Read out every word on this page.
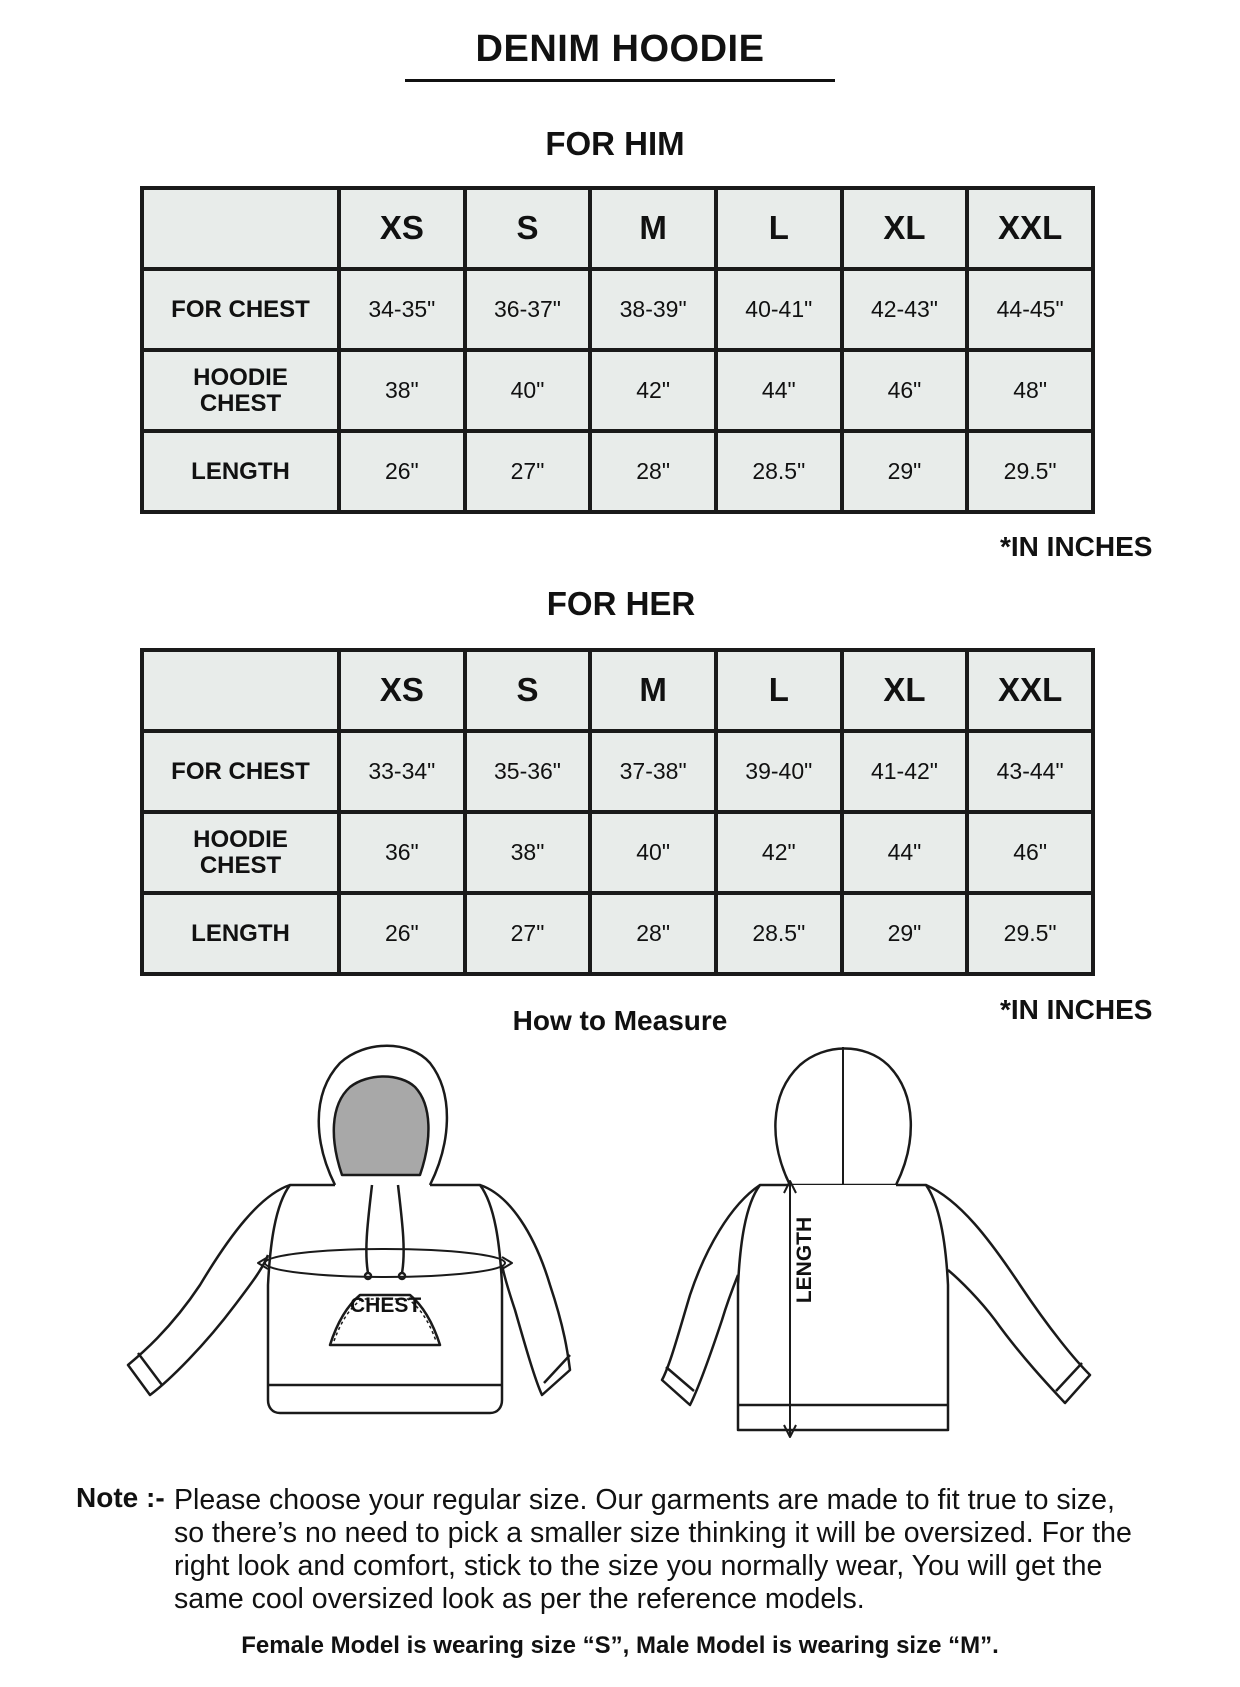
DENIM HOODIE
FOR HIM
	XS	S	M	L	XL	XXL
FOR CHEST	34-35"	36-37"	38-39"	40-41"	42-43"	44-45"
HOODIE
CHEST	38"	40"	42"	44"	46"	48"
LENGTH	26"	27"	28"	28.5"	29"	29.5"
*IN INCHES
FOR HER
	XS	S	M	L	XL	XXL
FOR CHEST	33-34"	35-36"	37-38"	39-40"	41-42"	43-44"
HOODIE
CHEST	36"	38"	40"	42"	44"	46"
LENGTH	26"	27"	28"	28.5"	29"	29.5"
*IN INCHES
How to Measure
CHEST
LENGTH
Note :- Please choose your regular size. Our garments are made to fit true to size,
so there’s no need to pick a smaller size thinking it will be oversized. For the
right look and comfort, stick to the size you normally wear, You will get the
same cool oversized look as per the reference models.
Female Model is wearing size “S”, Male Model is wearing size “M”.
